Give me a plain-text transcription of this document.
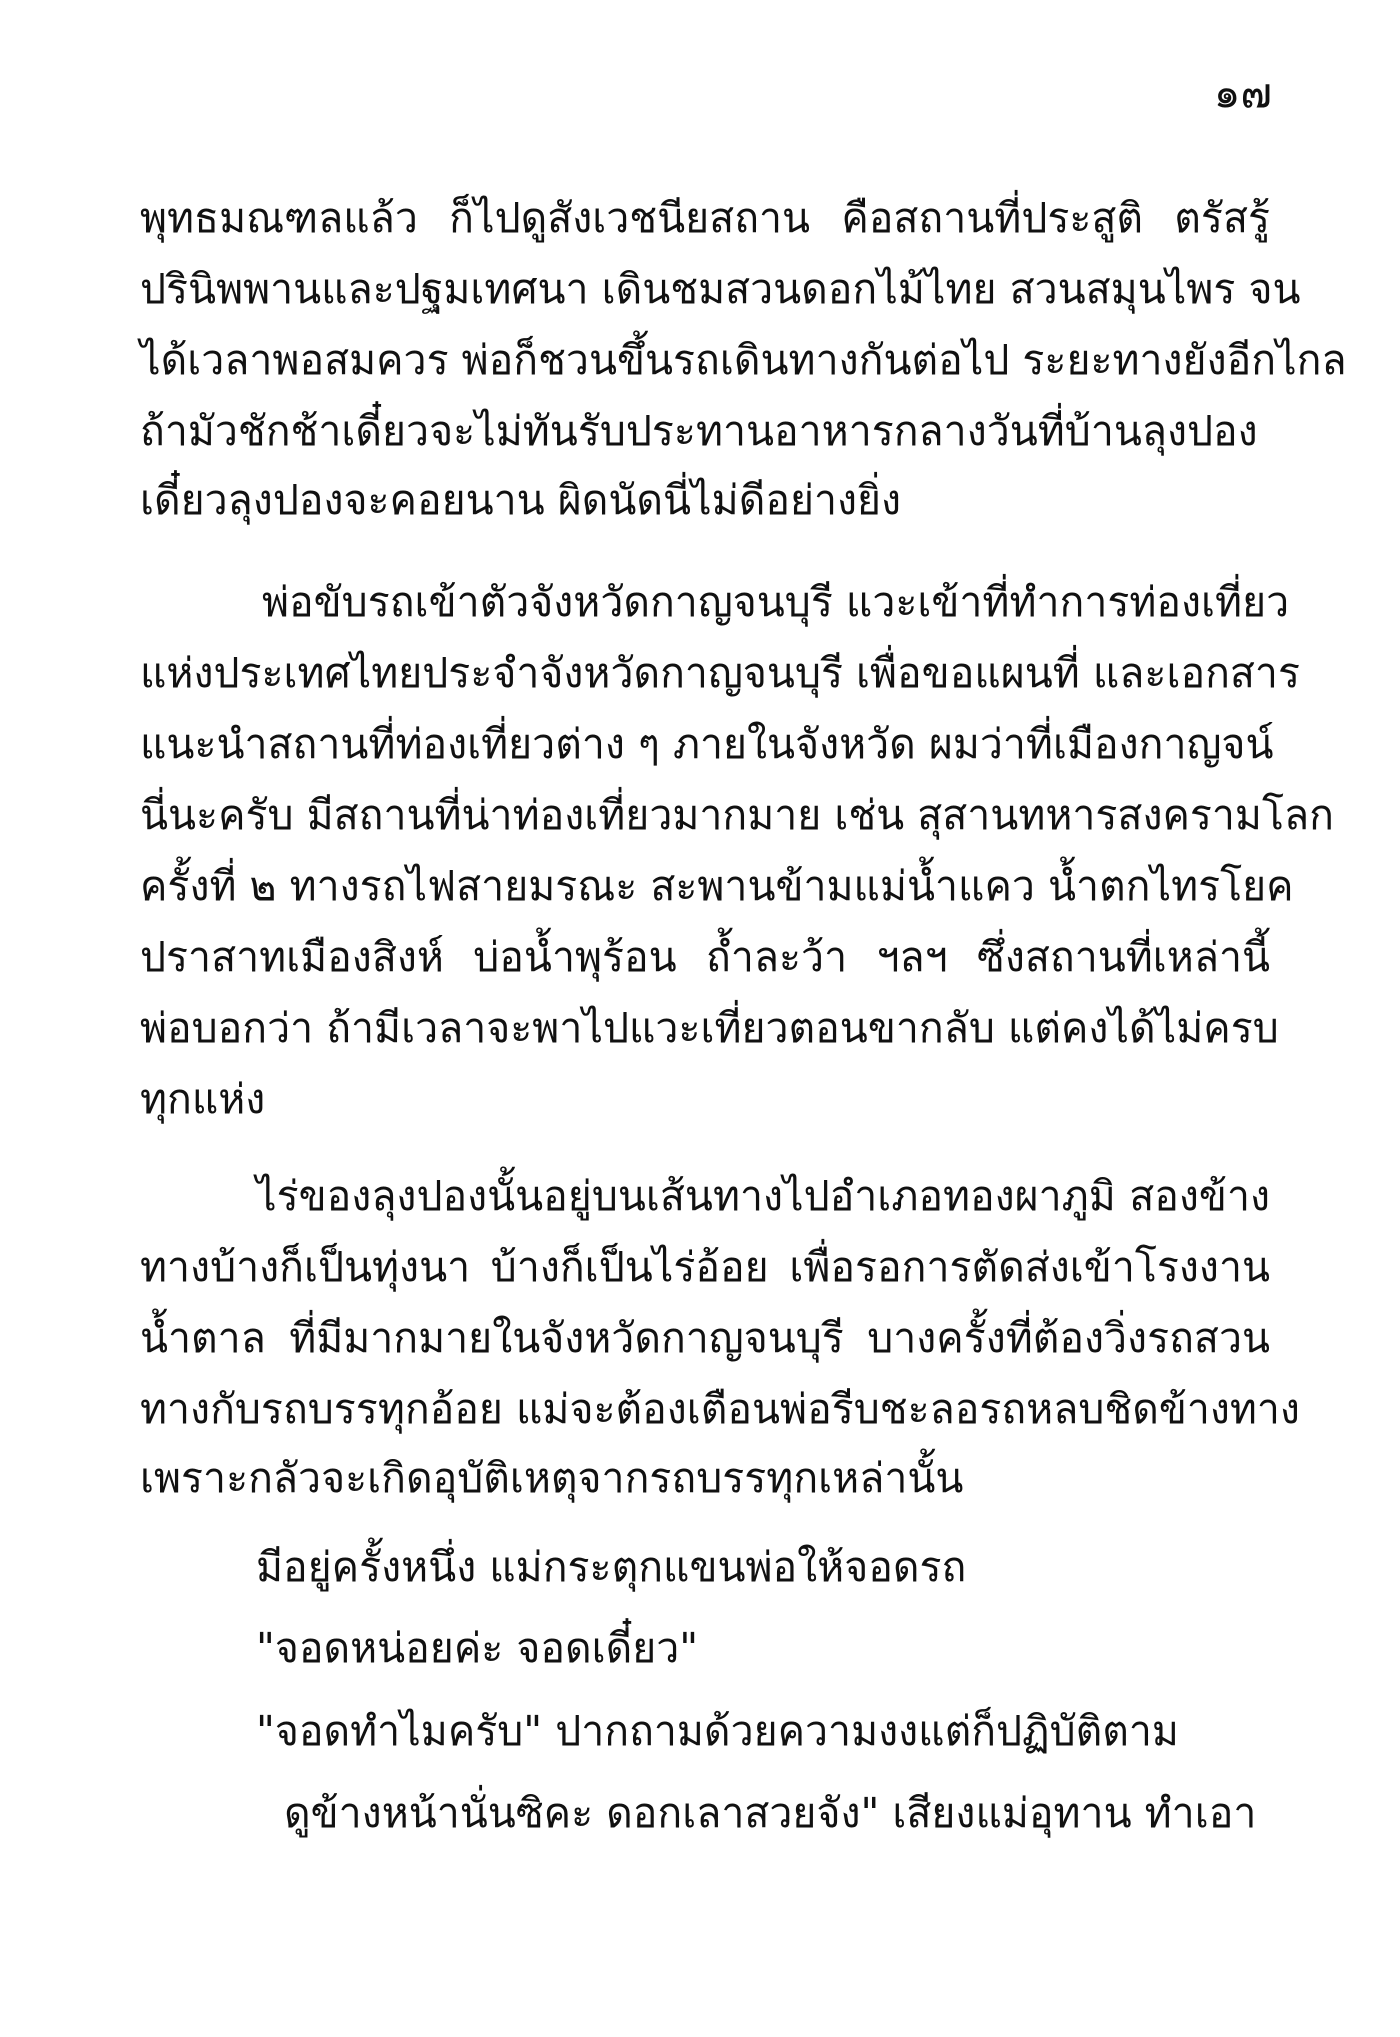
๑๗
พุทธมณฑลแล้ว ก็ไปดูสังเวชนียสถาน คือสถานที่ประสูติ ตรัสรู้
ปรินิพพานและปฐมเทศนา เดินชมสวนดอกไม้ไทย สวนสมุนไพร จน
ได้เวลาพอสมควร พ่อก็ชวนขึ้นรถเดินทางกันต่อไป ระยะทางยังอีกไกล
ถ้ามัวชักช้าเดี๋ยวจะไม่ทันรับประทานอาหารกลางวันที่บ้านลุงปอง
เดี๋ยวลุงปองจะคอยนาน ผิดนัดนี่ไม่ดีอย่างยิ่ง
พ่อขับรถเข้าตัวจังหวัดกาญจนบุรี แวะเข้าที่ทำการท่องเที่ยว
แห่งประเทศไทยประจำจังหวัดกาญจนบุรี เพื่อขอแผนที่ และเอกสาร
แนะนำสถานที่ท่องเที่ยวต่าง ๆ ภายในจังหวัด ผมว่าที่เมืองกาญจน์
นี่นะครับ มีสถานที่น่าท่องเที่ยวมากมาย เช่น สุสานทหารสงครามโลก
ครั้งที่ ๒ ทางรถไฟสายมรณะ สะพานข้ามแม่น้ำแคว น้ำตกไทรโยค
ปราสาทเมืองสิงห์ บ่อน้ำพุร้อน ถ้ำละว้า ฯลฯ ซึ่งสถานที่เหล่านี้
พ่อบอกว่า ถ้ามีเวลาจะพาไปแวะเที่ยวตอนขากลับ แต่คงได้ไม่ครบ
ทุกแห่ง
ไร่ของลุงปองนั้นอยู่บนเส้นทางไปอำเภอทองผาภูมิ สองข้าง
ทางบ้างก็เป็นทุ่งนา บ้างก็เป็นไร่อ้อย เพื่อรอการตัดส่งเข้าโรงงาน
น้ำตาล ที่มีมากมายในจังหวัดกาญจนบุรี บางครั้งที่ต้องวิ่งรถสวน
ทางกับรถบรรทุกอ้อย แม่จะต้องเตือนพ่อรีบชะลอรถหลบชิดข้างทาง
เพราะกลัวจะเกิดอุบัติเหตุจากรถบรรทุกเหล่านั้น
มีอยู่ครั้งหนึ่ง แม่กระตุกแขนพ่อให้จอดรถ
"จอดหน่อยค่ะ จอดเดี๋ยว"
"จอดทำไมครับ" ปากถามด้วยความงงแต่ก็ปฏิบัติตาม
ดูข้างหน้านั่นซิคะ ดอกเลาสวยจัง" เสียงแม่อุทาน ทำเอา
